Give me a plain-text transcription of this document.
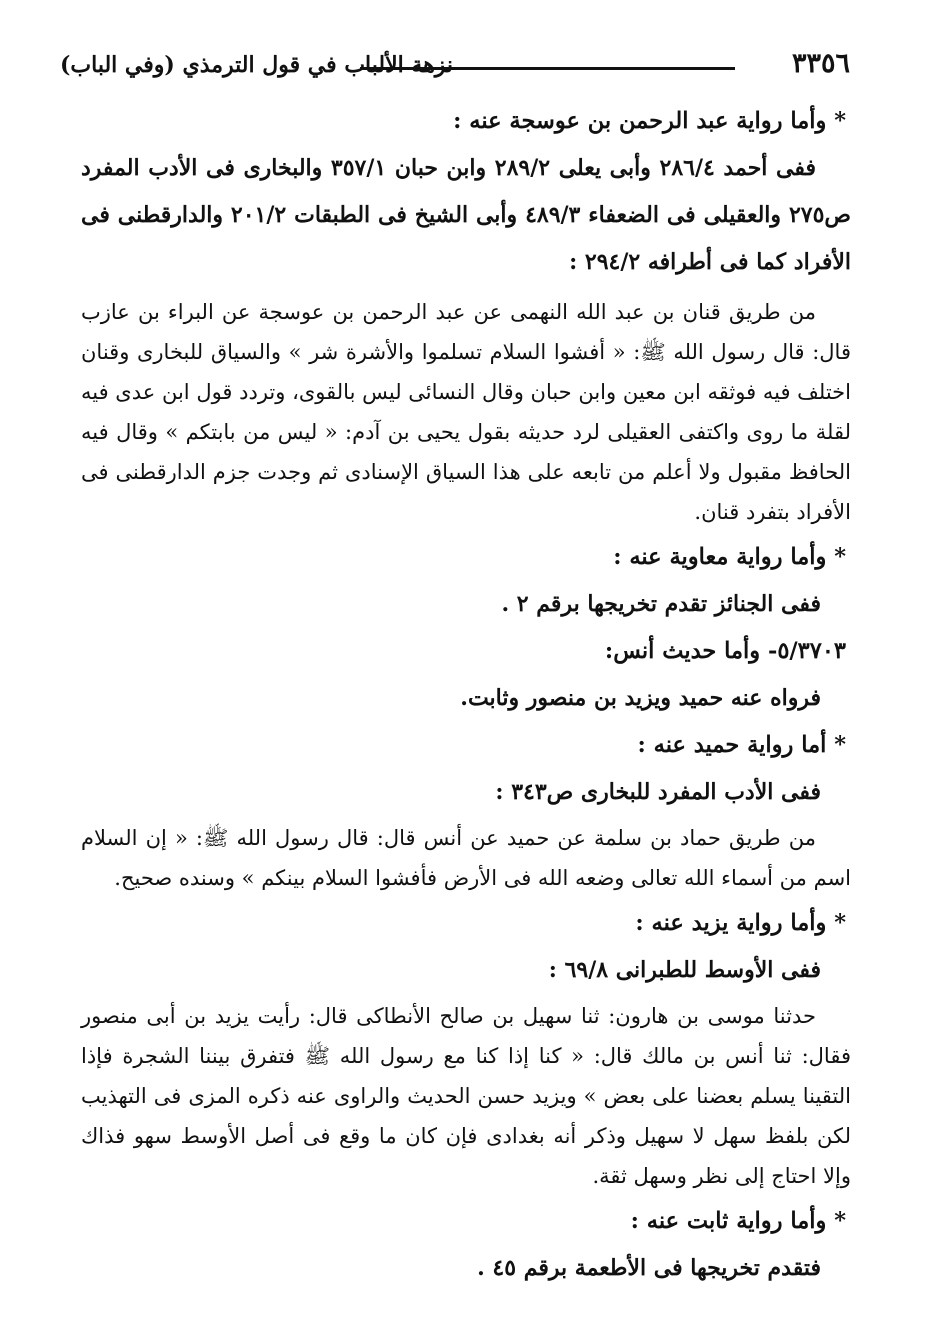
٣٣٥٦
نزهة الألباب في قول الترمذي (وفي الباب)

* وأما رواية عبد الرحمن بن عوسجة عنه :

ففى أحمد ٢٨٦/٤ وأبى يعلى ٢٨٩/٢ وابن حبان ٣٥٧/١ والبخارى فى الأدب المفرد ص٢٧٥ والعقيلى فى الضعفاء ٤٨٩/٣ وأبى الشيخ فى الطبقات ٢٠١/٢ والدارقطنى فى الأفراد كما فى أطرافه ٢٩٤/٢ :

من طريق قنان بن عبد الله النهمى عن عبد الرحمن بن عوسجة عن البراء بن عازب قال: قال رسول الله ﷺ: « أفشوا السلام تسلموا والأشرة شر » والسياق للبخارى وقنان اختلف فيه فوثقه ابن معين وابن حبان وقال النسائى ليس بالقوى، وتردد قول ابن عدى فيه لقلة ما روى واكتفى العقيلى لرد حديثه بقول يحيى بن آدم: « ليس من بابتكم » وقال فيه الحافظ مقبول ولا أعلم من تابعه على هذا السياق الإسنادى ثم وجدت جزم الدارقطنى فى الأفراد بتفرد قنان.

* وأما رواية معاوية عنه :

ففى الجنائز تقدم تخريجها برقم ٢ .

٥/٣٧٠٣- وأما حديث أنس:

فرواه عنه حميد ويزيد بن منصور وثابت.

* أما رواية حميد عنه :

ففى الأدب المفرد للبخارى ص٣٤٣ :

من طريق حماد بن سلمة عن حميد عن أنس قال: قال رسول الله ﷺ: « إن السلام اسم من أسماء الله تعالى وضعه الله فى الأرض فأفشوا السلام بينكم » وسنده صحيح.

* وأما رواية يزيد عنه :

ففى الأوسط للطبرانى ٦٩/٨ :

حدثنا موسى بن هارون: ثنا سهيل بن صالح الأنطاكى قال: رأيت يزيد بن أبى منصور فقال: ثنا أنس بن مالك قال: « كنا إذا كنا مع رسول الله ﷺ فتفرق بيننا الشجرة فإذا التقينا يسلم بعضنا على بعض » ويزيد حسن الحديث والراوى عنه ذكره المزى فى التهذيب لكن بلفظ سهل لا سهيل وذكر أنه بغدادى فإن كان ما وقع فى أصل الأوسط سهو فذاك وإلا احتاج إلى نظر وسهل ثقة.

* وأما رواية ثابت عنه :

فتقدم تخريجها فى الأطعمة برقم ٤٥ .
